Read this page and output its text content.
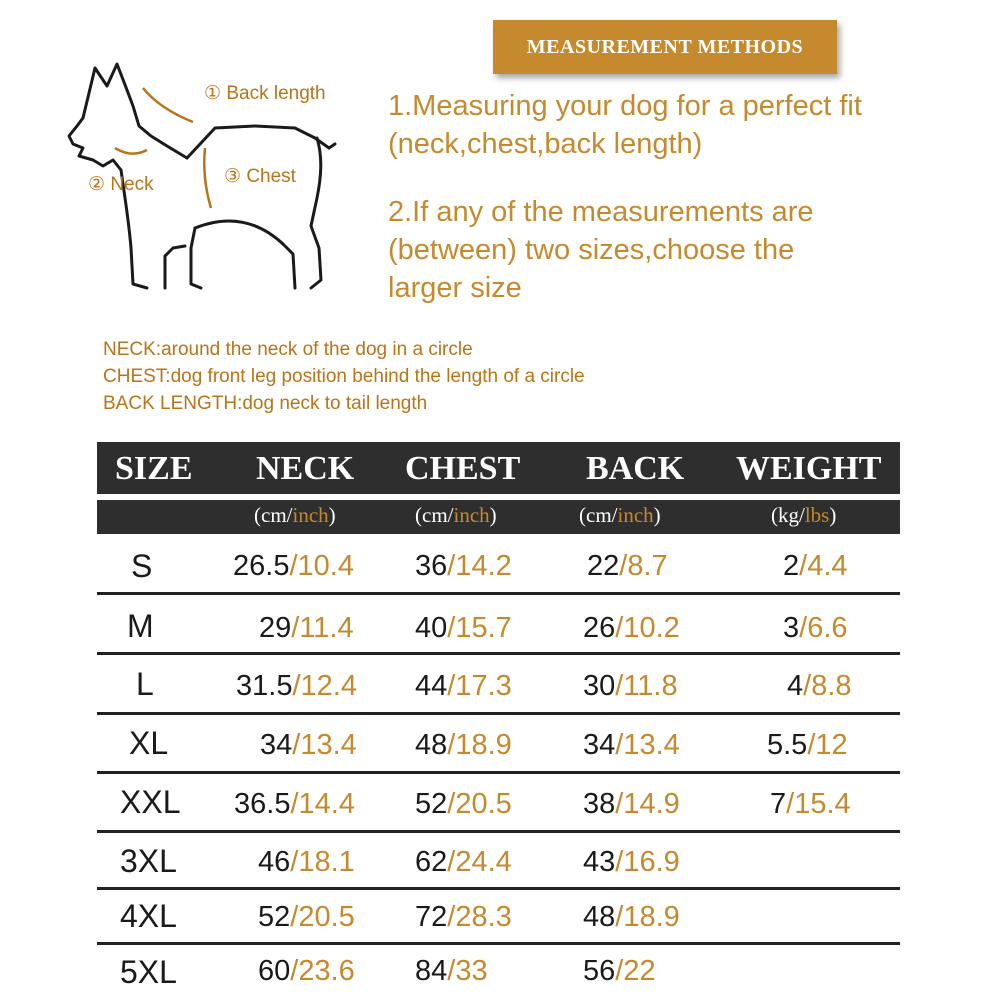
① Back length
② Neck	③ Chest
MEASUREMENT METHODS
1.Measuring your dog for a perfect fit
(neck,chest,back length)
2.If any of the measurements are
(between) two sizes,choose the
larger size
NECK:around the neck of the dog in a circle
CHEST:dog front leg position behind the length of a circle
BACK LENGTH:dog neck to tail length
SIZE NECK CHEST BACK WEIGHT
(cm/inch)	(cm/inch)	(cm/inch)	(kg/lbs)
S	26.5/10.4 36/14.2	22/8.7	2/4.4
M	29/11.4 40/15.7 26/10.2	3/6.6
L	31.5/12.4 44/17.3 30/11.8	4/8.8
XL	34/13.4 48/18.9 34/13.4	5.5/12
XXL 36.5/14.4 52/20.5 38/14.9	7/15.4
3XL	46/18.1 62/24.4 43/16.9
4XL	52/20.5 72/28.3 48/18.9
5XL	60/23.6 84/33	56/22
